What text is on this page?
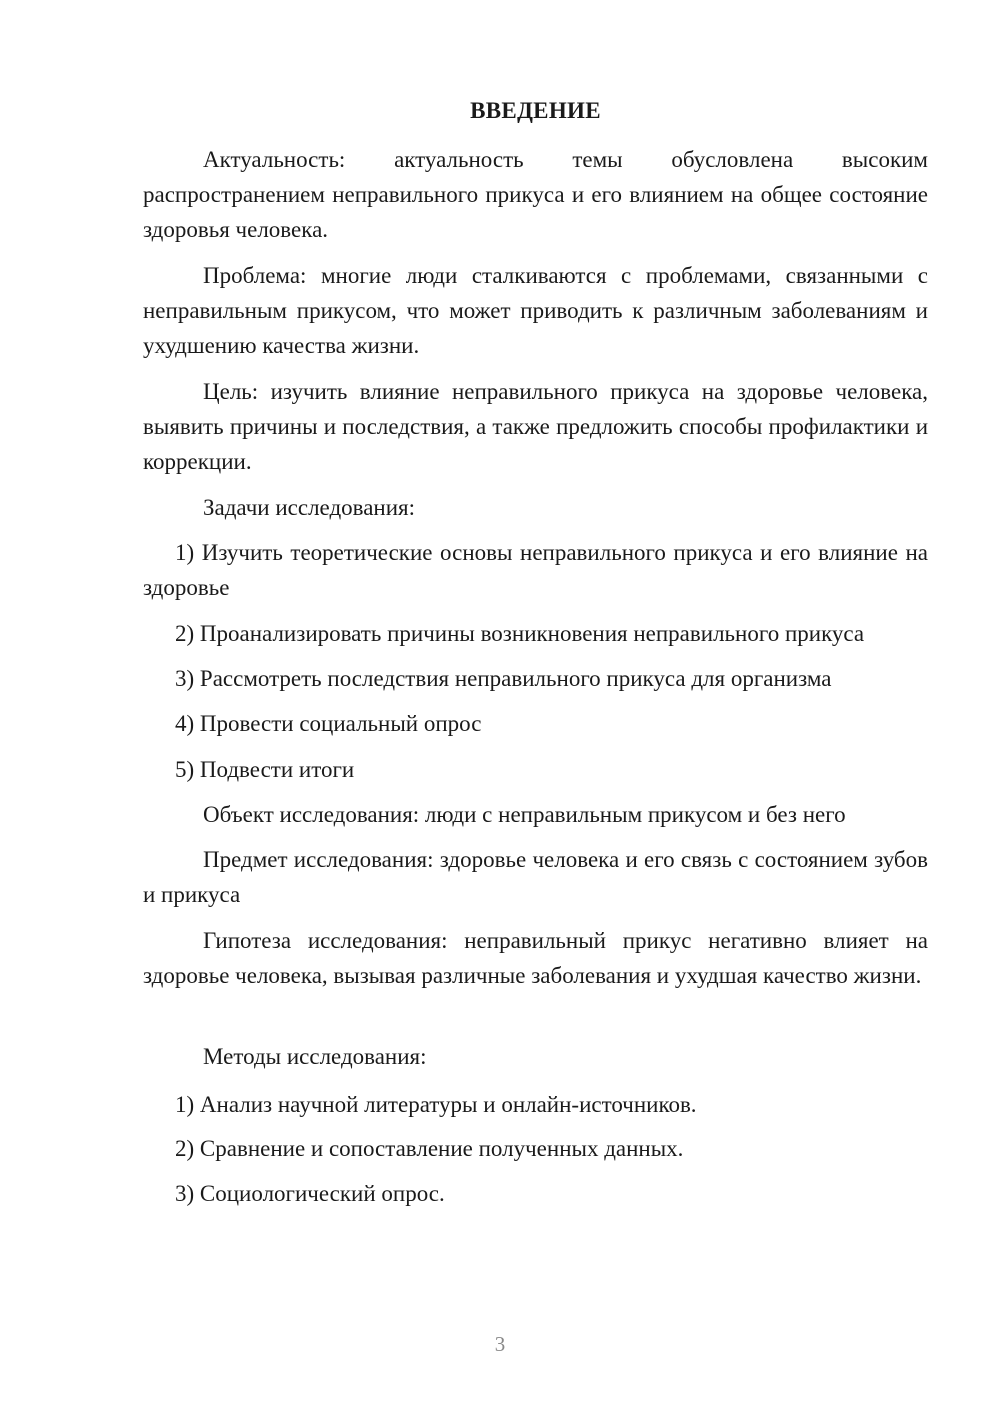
ВВЕДЕНИЕ
Актуальность: актуальность темы обусловлена высоким распространением неправильного прикуса и его влиянием на общее состояние здоровья человека.
Проблема: многие люди сталкиваются с проблемами, связанными с неправильным прикусом, что может приводить к различным заболеваниям и ухудшению качества жизни.
Цель: изучить влияние неправильного прикуса на здоровье человека, выявить причины и последствия, а также предложить способы профилактики и коррекции.
Задачи исследования:
1) Изучить теоретические основы неправильного прикуса и его влияние на здоровье
2) Проанализировать причины возникновения неправильного прикуса
3) Рассмотреть последствия неправильного прикуса для организма
4) Провести социальный опрос
5) Подвести итоги
Объект исследования: люди с неправильным прикусом и без него
Предмет исследования: здоровье человека и его связь с состоянием зубов и прикуса
Гипотеза исследования: неправильный прикус негативно влияет на здоровье человека, вызывая различные заболевания и ухудшая качество жизни.
Методы исследования:
1) Анализ научной литературы и онлайн-источников.
2) Сравнение и сопоставление полученных данных.
3) Социологический опрос.
3
